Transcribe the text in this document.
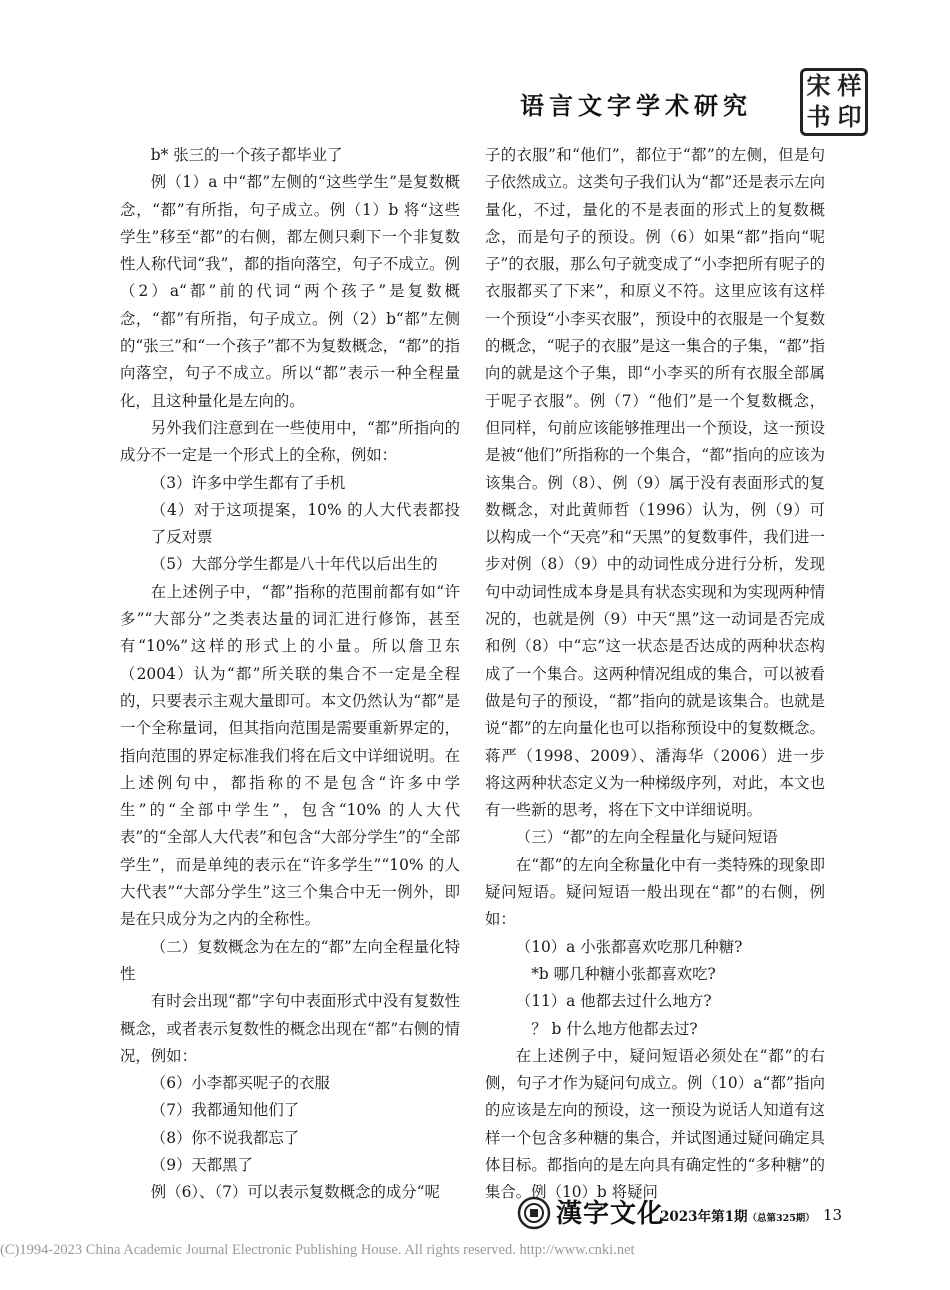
语言文字学术研究
宋 样
书 印

b* 张三的一个孩子都毕业了

例（1）a 中“都”左侧的“这些学生”是复数概念，“都”有所指，句子成立。例（1）b 将“这些学生”移至“都”的右侧，都左侧只剩下一个非复数性人称代词“我”，都的指向落空，句子不成立。例（2）a“都”前的代词“两个孩子”是复数概念，“都”有所指，句子成立。例（2）b“都”左侧的“张三”和“一个孩子”都不为复数概念，“都”的指向落空，句子不成立。所以“都”表示一种全程量化，且这种量化是左向的。

另外我们注意到在一些使用中，“都”所指向的成分不一定是一个形式上的全称，例如：

（3）许多中学生都有了手机

（4）对于这项提案，10% 的人大代表都投了反对票

（5）大部分学生都是八十年代以后出生的

在上述例子中，“都”指称的范围前都有如“许多”“大部分”之类表达量的词汇进行修饰，甚至有“10%”这样的形式上的小量。所以詹卫东（2004）认为“都”所关联的集合不一定是全程的，只要表示主观大量即可。本文仍然认为“都”是一个全称量词，但其指向范围是需要重新界定的，指向范围的界定标准我们将在后文中详细说明。在上述例句中，都指称的不是包含“许多中学生”的“全部中学生”，包含“10% 的人大代表”的“全部人大代表”和包含“大部分学生”的“全部学生”，而是单纯的表示在“许多学生”“10% 的人大代表”“大部分学生”这三个集合中无一例外，即是在只成分为之内的全称性。

（二）复数概念为在左的“都”左向全程量化特性

有时会出现“都”字句中表面形式中没有复数性概念，或者表示复数性的概念出现在“都”右侧的情况，例如：

（6）小李都买呢子的衣服

（7）我都通知他们了

（8）你不说我都忘了

（9）天都黑了

例（6）、（7）可以表示复数概念的成分“呢

子的衣服”和“他们”，都位于“都”的左侧，但是句子依然成立。这类句子我们认为“都”还是表示左向量化，不过，量化的不是表面的形式上的复数概念，而是句子的预设。例（6）如果“都”指向“呢子”的衣服，那么句子就变成了“小李把所有呢子的衣服都买了下来”，和原义不符。这里应该有这样一个预设“小李买衣服”，预设中的衣服是一个复数的概念，“呢子的衣服”是这一集合的子集，“都”指向的就是这个子集，即“小李买的所有衣服全部属于呢子衣服”。例（7）“他们”是一个复数概念，但同样，句前应该能够推理出一个预设，这一预设是被“他们”所指称的一个集合，“都”指向的应该为该集合。例（8）、例（9）属于没有表面形式的复数概念，对此黄师哲（1996）认为，例（9）可以构成一个“天亮”和“天黑”的复数事件，我们进一步对例（8）（9）中的动词性成分进行分析，发现句中动词性成本身是具有状态实现和为实现两种情况的，也就是例（9）中天“黑”这一动词是否完成和例（8）中“忘”这一状态是否达成的两种状态构成了一个集合。这两种情况组成的集合，可以被看做是句子的预设，“都”指向的就是该集合。也就是说“都”的左向量化也可以指称预设中的复数概念。蒋严（1998、2009）、潘海华（2006）进一步将这两种状态定义为一种梯级序列，对此，本文也有一些新的思考，将在下文中详细说明。

（三）“都”的左向全程量化与疑问短语

在“都”的左向全称量化中有一类特殊的现象即疑问短语。疑问短语一般出现在“都”的右侧，例如：

（10）a 小张都喜欢吃那几种糖?

*b 哪几种糖小张都喜欢吃?

（11）a 他都去过什么地方?

？ b 什么地方他都去过?

在上述例子中，疑问短语必须处在“都”的右侧，句子才作为疑问句成立。例（10）a“都”指向的应该是左向的预设，这一预设为说话人知道有这样一个包含多种糖的集合，并试图通过疑问确定具体目标。都指向的是左向具有确定性的“多种糖”的集合。例（10）b 将疑问

漢字文化
2023年第1期（总第325期） 13
(C)1994-2023 China Academic Journal Electronic Publishing House. All rights reserved. http://www.cnki.net
